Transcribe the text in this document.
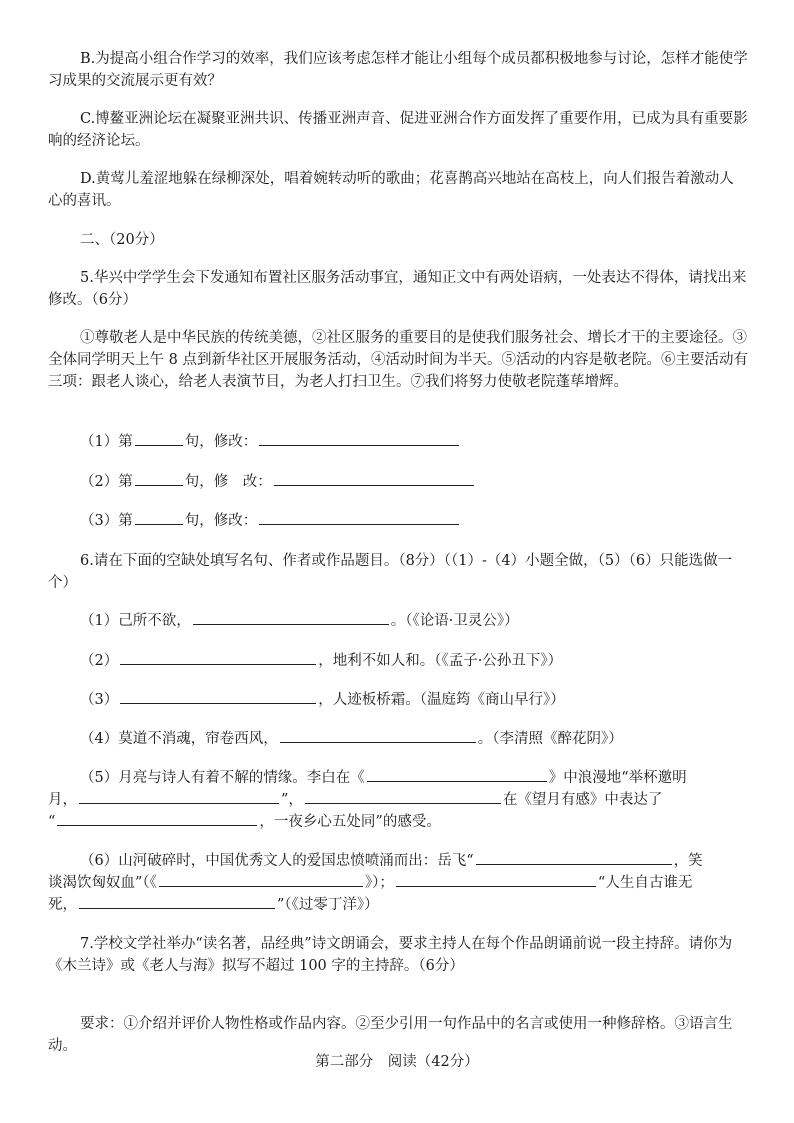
B.为提高小组合作学习的效率，我们应该考虑怎样才能让小组每个成员都积极地参与讨论，怎样才能使学习成果的交流展示更有效？

C.博鳌亚洲论坛在凝聚亚洲共识、传播亚洲声音、促进亚洲合作方面发挥了重要作用，已成为具有重要影响的经济论坛。

D.黄莺儿羞涩地躲在绿柳深处，唱着婉转动听的歌曲；花喜鹊高兴地站在高枝上，向人们报告着激动人心的喜讯。

二、（20分）

5.华兴中学学生会下发通知布置社区服务活动事宜，通知正文中有两处语病，一处表达不得体，请找出来修改。（6分）

①尊敬老人是中华民族的传统美德，②社区服务的重要目的是使我们服务社会、增长才干的主要途径。③全体同学明天上午 8 点到新华社区开展服务活动，④活动时间为半天。⑤活动的内容是敬老院。⑥主要活动有三项：跟老人谈心，给老人表演节目，为老人打扫卫生。⑦我们将努力使敬老院蓬荜增辉。

（1）第	句，修改：

（2）第	句，修　改：

（3）第	句，修改：

6.请在下面的空缺处填写名句、作者或作品题目。（8分）（（1）-（4）小题全做，（5）（6）只能选做一个）

（1）己所不欲，	。（《论语·卫灵公》）

（2）	，地利不如人和。（《孟子·公孙丑下》）

（3）	，人迹板桥霜。（温庭筠《商山早行》）

（4）莫道不消魂，帘卷西风，	。（李清照《醉花阴》）

（5）月亮与诗人有着不解的情缘。李白在《	》中浪漫地“举杯邀明

月，	”，	在《望月有感》中表达了

“	，一夜乡心五处同”的感受。

（6）山河破碎时，中国优秀文人的爱国忠愤喷涌而出：岳飞“	，笑

谈渴饮匈奴血”（《	》）；	“人生自古谁无

死，	”（《过零丁洋》）

7.学校文学社举办“读名著，品经典”诗文朗诵会，要求主持人在每个作品朗诵前说一段主持辞。请你为《木兰诗》或《老人与海》拟写不超过 100 字的主持辞。（6分）

要求：①介绍并评价人物性格或作品内容。②至少引用一句作品中的名言或使用一种修辞格。③语言生动。

第二部分　阅读（42分）
